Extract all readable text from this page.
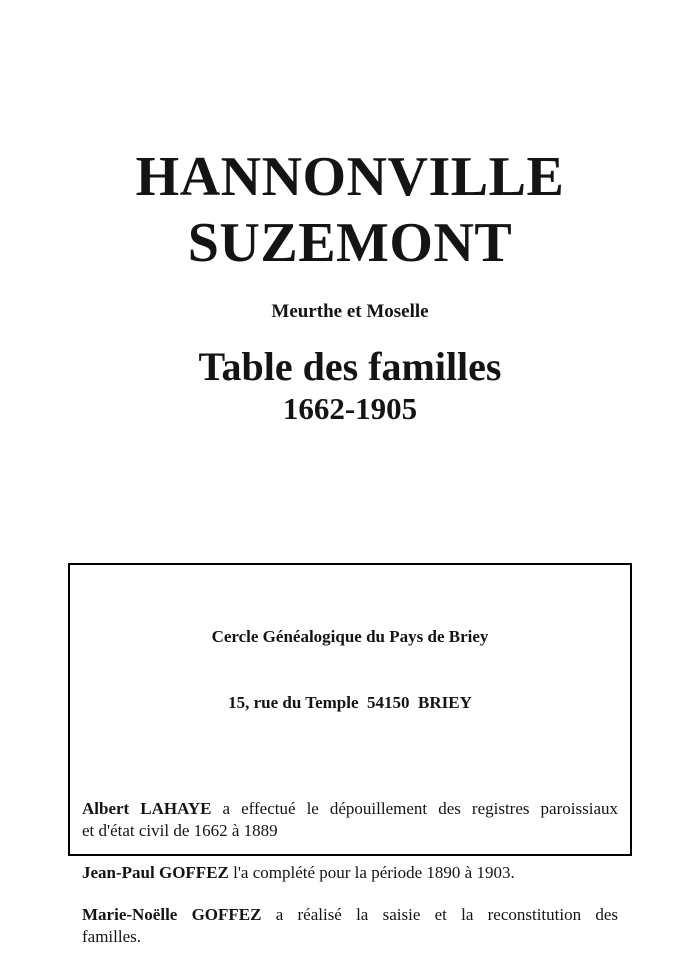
HANNONVILLE
SUZEMONT
Meurthe et Moselle
Table des familles
1662-1905

Cercle Généalogique du Pays de Briey

15, rue du Temple  54150  BRIEY

Albert LAHAYE a effectué le dépouillement des registres paroissiaux
et d'état civil de 1662 à 1889
Jean-Paul GOFFEZ l'a complété pour la période 1890 à 1903.
Marie-Noëlle GOFFEZ a réalisé la saisie et la reconstitution des
familles.
